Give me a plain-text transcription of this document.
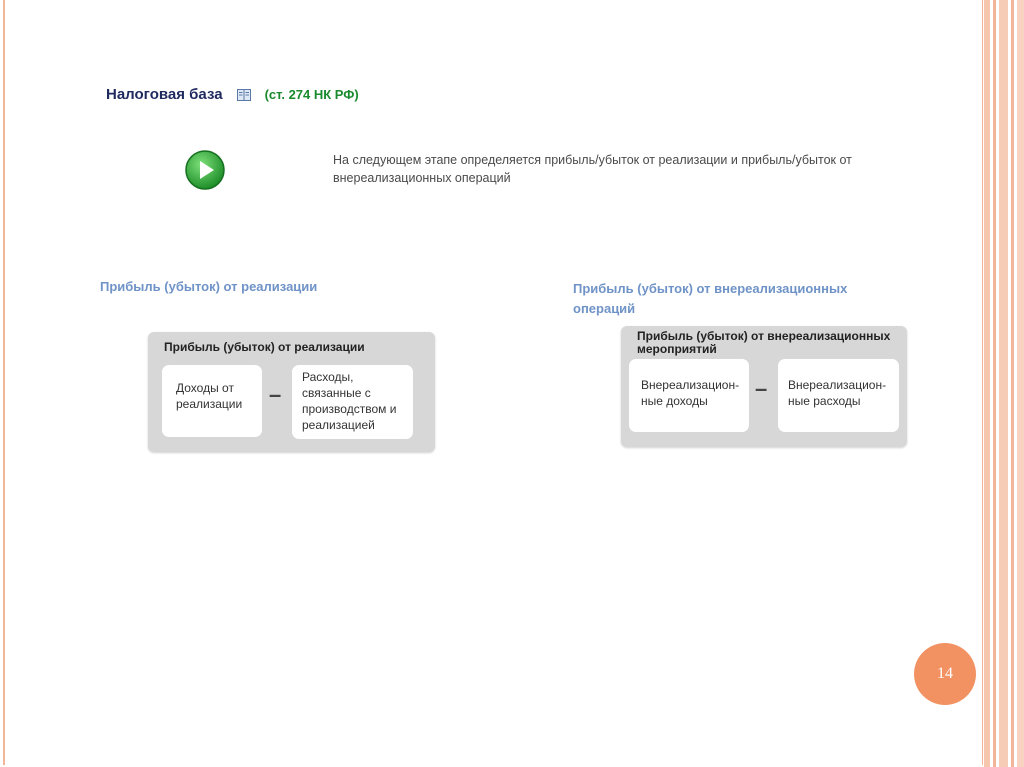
Налоговая база	(ст. 274 НК РФ)
На следующем этапе определяется прибыль/убыток от реализации и прибыль/убыток от внереализационных операций
Прибыль (убыток) от реализации	Прибыль (убыток) от внереализационных операций
Прибыль (убыток) от реализации
Доходы от реализации	–
Расходы, связанные с производством и реализацией
Прибыль (убыток) от внереализационных мероприятий
Внереализацион-ные доходы	–	Внереализацион-ные расходы
14
